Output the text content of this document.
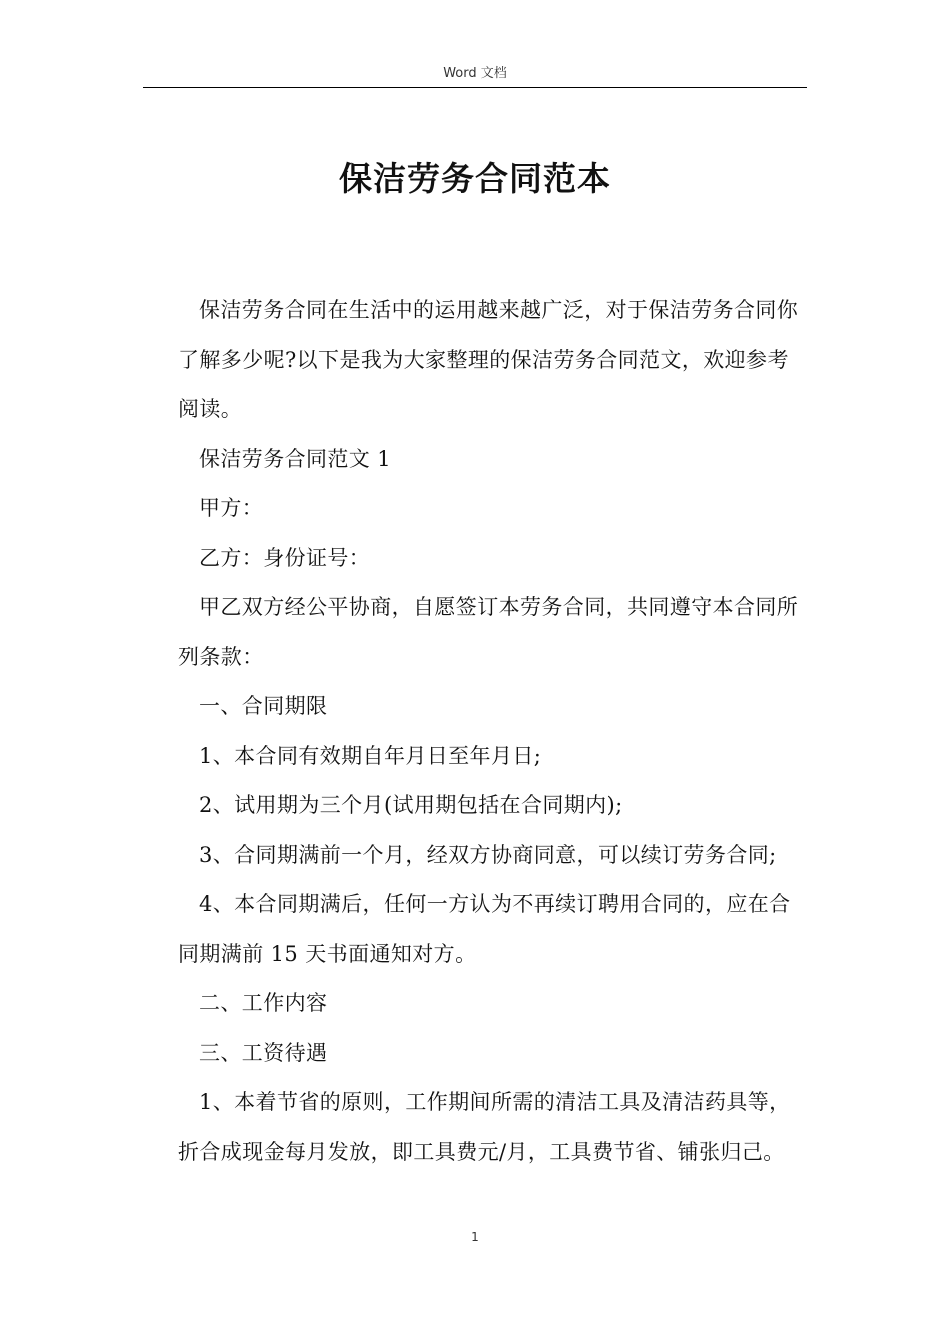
Word 文档
保洁劳务合同范本

保洁劳务合同在生活中的运用越来越广泛，对于保洁劳务合同你了解多少呢?以下是我为大家整理的保洁劳务合同范文，欢迎参考阅读。

保洁劳务合同范文 1

甲方：

乙方：身份证号：

甲乙双方经公平协商，自愿签订本劳务合同，共同遵守本合同所列条款：

一、合同期限

1、本合同有效期自年月日至年月日;

2、试用期为三个月(试用期包括在合同期内);

3、合同期满前一个月，经双方协商同意，可以续订劳务合同;

4、本合同期满后，任何一方认为不再续订聘用合同的，应在合同期满前 15 天书面通知对方。

二、工作内容

三、工资待遇

1、本着节省的原则，工作期间所需的清洁工具及清洁药具等，折合成现金每月发放，即工具费元/月，工具费节省、铺张归己。

1
